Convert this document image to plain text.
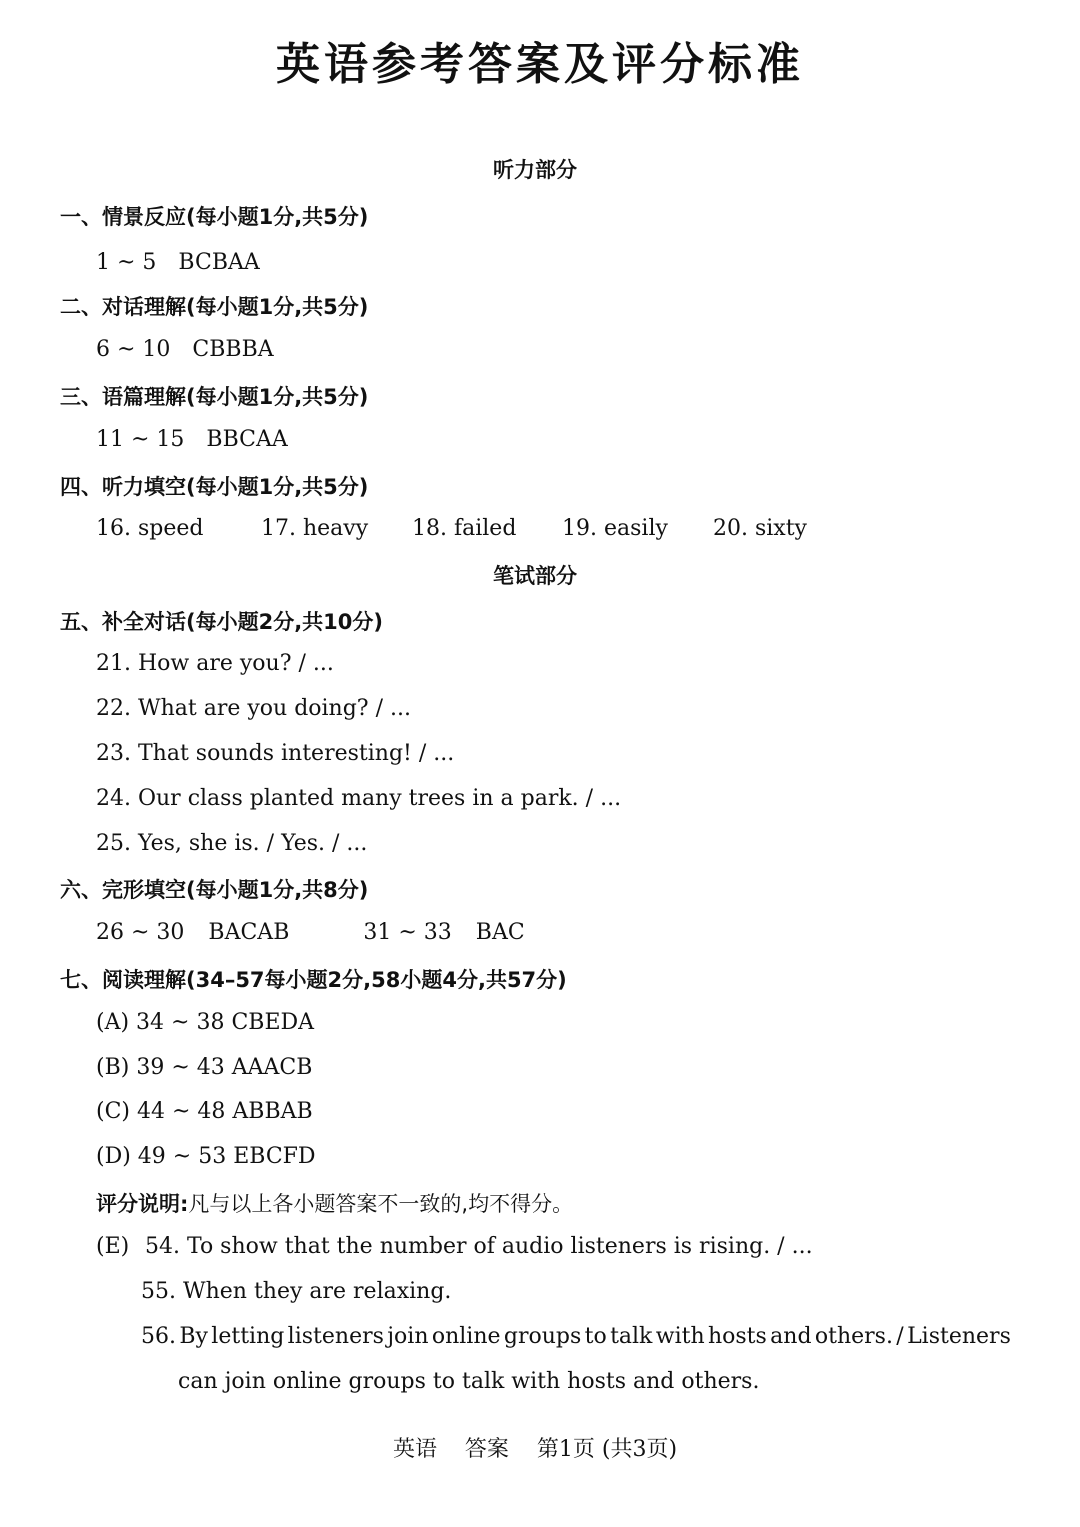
英语参考答案及评分标准
听力部分
一、情景反应(每小题1分,共5分)
1 ~ 5 BCBAA
二、对话理解(每小题1分,共5分)
6 ~ 10 CBBBA
三、语篇理解(每小题1分,共5分)
11 ~ 15 BBCAA
四、听力填空(每小题1分,共5分)
16. speed	17. heavy 18. failed 19. easily 20. sixty
笔试部分
五、补全对话(每小题2分,共10分)
21. How are you? / ...
22. What are you doing? / ...
23. That sounds interesting! / ...
24. Our class planted many trees in a park. / ...
25. Yes, she is. / Yes. / ...
六、完形填空(每小题1分,共8分)
26 ~ 30 BACAB	31 ~ 33 BAC
七、阅读理解(34–57每小题2分,58小题4分,共57分)
(A) 34 ~ 38 CBEDA
(B) 39 ~ 43 AAACB
(C) 44 ~ 48 ABBAB
(D) 49 ~ 53 EBCFD
评分说明:凡与以上各小题答案不一致的,均不得分。
(E) 54. To show that the number of audio listeners is rising. / ...
55. When they are relaxing.
56. By letting listeners join online groups to talk with hosts and others. / Listeners
can join online groups to talk with hosts and others.
英语    答案    第1页 (共3页)
